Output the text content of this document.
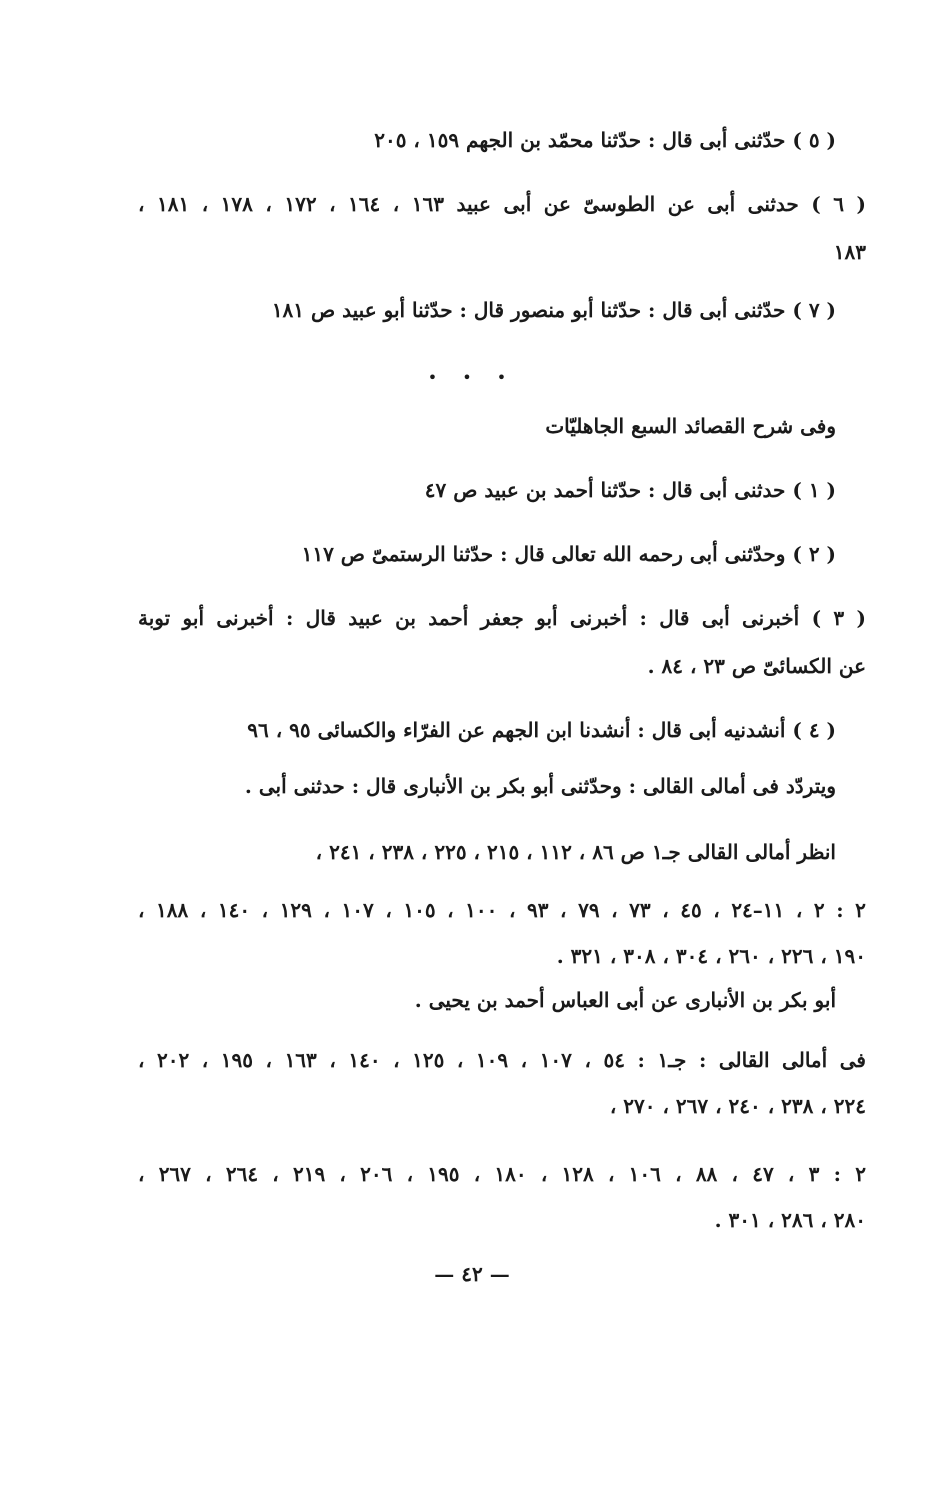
( ٥ ) حدّثنى أبى قال : حدّثنا محمّد بن الجهم ١٥٩ ، ٢٠٥
( ٦ ) حدثنى أبى عن الطوسىّ عن أبى عبيد ١٦٣ ، ١٦٤ ، ١٧٢ ، ١٧٨ ، ١٨١ ،
١٨٣
( ٧ ) حدّثنى أبى قال : حدّثنا أبو منصور قال : حدّثنا أبو عبيد ص ١٨١
• • •
وفى شرح القصائد السبع الجاهليّات
( ١ ) حدثنى أبى قال : حدّثنا أحمد بن عبيد ص ٤٧
( ٢ ) وحدّثنى أبى رحمه الله تعالى قال : حدّثنا الرستمىّ ص ١١٧
( ٣ ) أخبرنى أبى قال : أخبرنى أبو جعفر أحمد بن عبيد قال : أخبرنى أبو توبة
عن الكسائىّ ص ٢٣ ، ٨٤ .
( ٤ ) أنشدنيه أبى قال : أنشدنا ابن الجهم عن الفرّاء والكسائى ٩٥ ، ٩٦
ويتردّد فى أمالى القالى : وحدّثنى أبو بكر بن الأنبارى قال : حدثنى أبى .
انظر أمالى القالى جـ١ ص ٨٦ ، ١١٢ ، ٢١٥ ، ٢٢٥ ، ٢٣٨ ، ٢٤١ ،
٢ : ٢ ، ١١–٢٤ ، ٤٥ ، ٧٣ ، ٧٩ ، ٩٣ ، ١٠٠ ، ١٠٥ ، ١٠٧ ، ١٢٩ ، ١٤٠ ، ١٨٨ ،
١٩٠ ، ٢٢٦ ، ٢٦٠ ، ٣٠٤ ، ٣٠٨ ، ٣٢١ .
أبو بكر بن الأنبارى عن أبى العباس أحمد بن يحيى .
فى أمالى القالى : جـ١ : ٥٤ ، ١٠٧ ، ١٠٩ ، ١٢٥ ، ١٤٠ ، ١٦٣ ، ١٩٥ ، ٢٠٢ ،
٢٢٤ ، ٢٣٨ ، ٢٤٠ ، ٢٦٧ ، ٢٧٠ ،
٢ : ٣ ، ٤٧ ، ٨٨ ، ١٠٦ ، ١٢٨ ، ١٨٠ ، ١٩٥ ، ٢٠٦ ، ٢١٩ ، ٢٦٤ ، ٢٦٧ ،
٢٨٠ ، ٢٨٦ ، ٣٠١ .
— ٤٢ —
